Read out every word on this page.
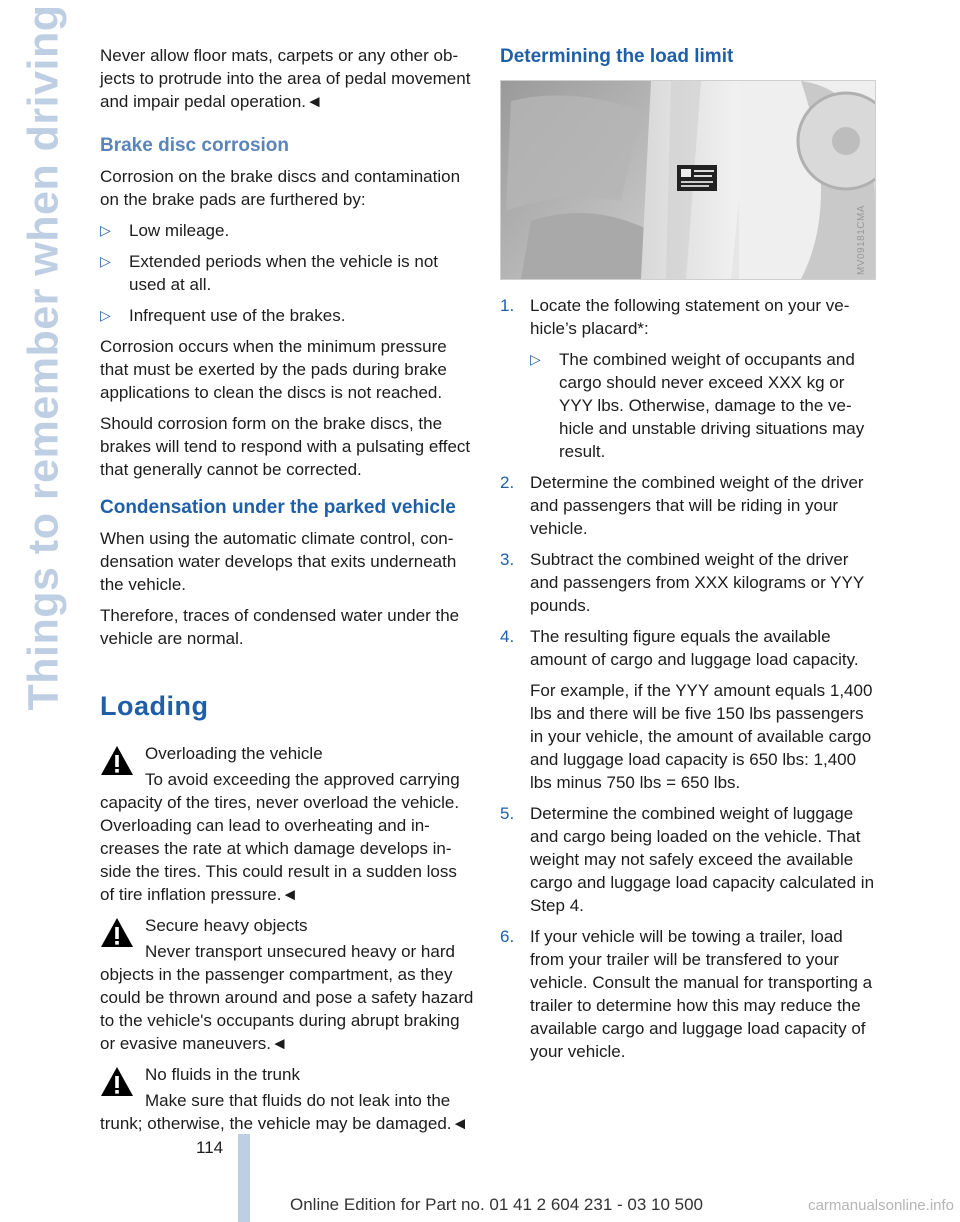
Things to remember when driving Never allow floor mats, carpets or any other objects to protrude into the area of pedal movement and impair pedal operation.◄

Brake disc corrosion

Corrosion on the brake discs and contamination on the brake pads are furthered by:

▷ Low mileage.
▷ Extended periods when the vehicle is not used at all.
▷ Infrequent use of the brakes.

Corrosion occurs when the minimum pressure that must be exerted by the pads during brake applications to clean the discs is not reached.

Should corrosion form on the brake discs, the brakes will tend to respond with a pulsating effect that generally cannot be corrected.

Condensation under the parked vehicle

When using the automatic climate control, condensation water develops that exits underneath the vehicle.

Therefore, traces of condensed water under the vehicle are normal.

Loading

Overloading the vehicle

To avoid exceeding the approved carrying capacity of the tires, never overload the vehicle. Overloading can lead to overheating and increases the rate at which damage develops inside the tires. This could result in a sudden loss of tire inflation pressure.◄

Secure heavy objects

Never transport unsecured heavy or hard objects in the passenger compartment, as they could be thrown around and pose a safety hazard to the vehicle's occupants during abrupt braking or evasive maneuvers.◄

No fluids in the trunk

Make sure that fluids do not leak into the trunk; otherwise, the vehicle may be damaged.◄

Determining the load limit
MV09181CMA
1. Locate the following statement on your vehicle’s placard*:
▷ The combined weight of occupants and cargo should never exceed XXX kg or YYY lbs. Otherwise, damage to the vehicle and unstable driving situations may result.
2. Determine the combined weight of the driver and passengers that will be riding in your vehicle.
3. Subtract the combined weight of the driver and passengers from XXX kilograms or YYY pounds.
4. The resulting figure equals the available amount of cargo and luggage load capacity.

For example, if the YYY amount equals 1,400 lbs and there will be five 150 lbs passengers in your vehicle, the amount of available cargo and luggage load capacity is 650 lbs: 1,400 lbs minus 750 lbs = 650 lbs.

5. Determine the combined weight of luggage and cargo being loaded on the vehicle. That weight may not safely exceed the available cargo and luggage load capacity calculated in Step 4.
6. If your vehicle will be towing a trailer, load from your trailer will be transfered to your vehicle. Consult the manual for transporting a trailer to determine how this may reduce the available cargo and luggage load capacity of your vehicle.
114
Online Edition for Part no. 01 41 2 604 231 - 03 10 500	carmanualsonline.info
